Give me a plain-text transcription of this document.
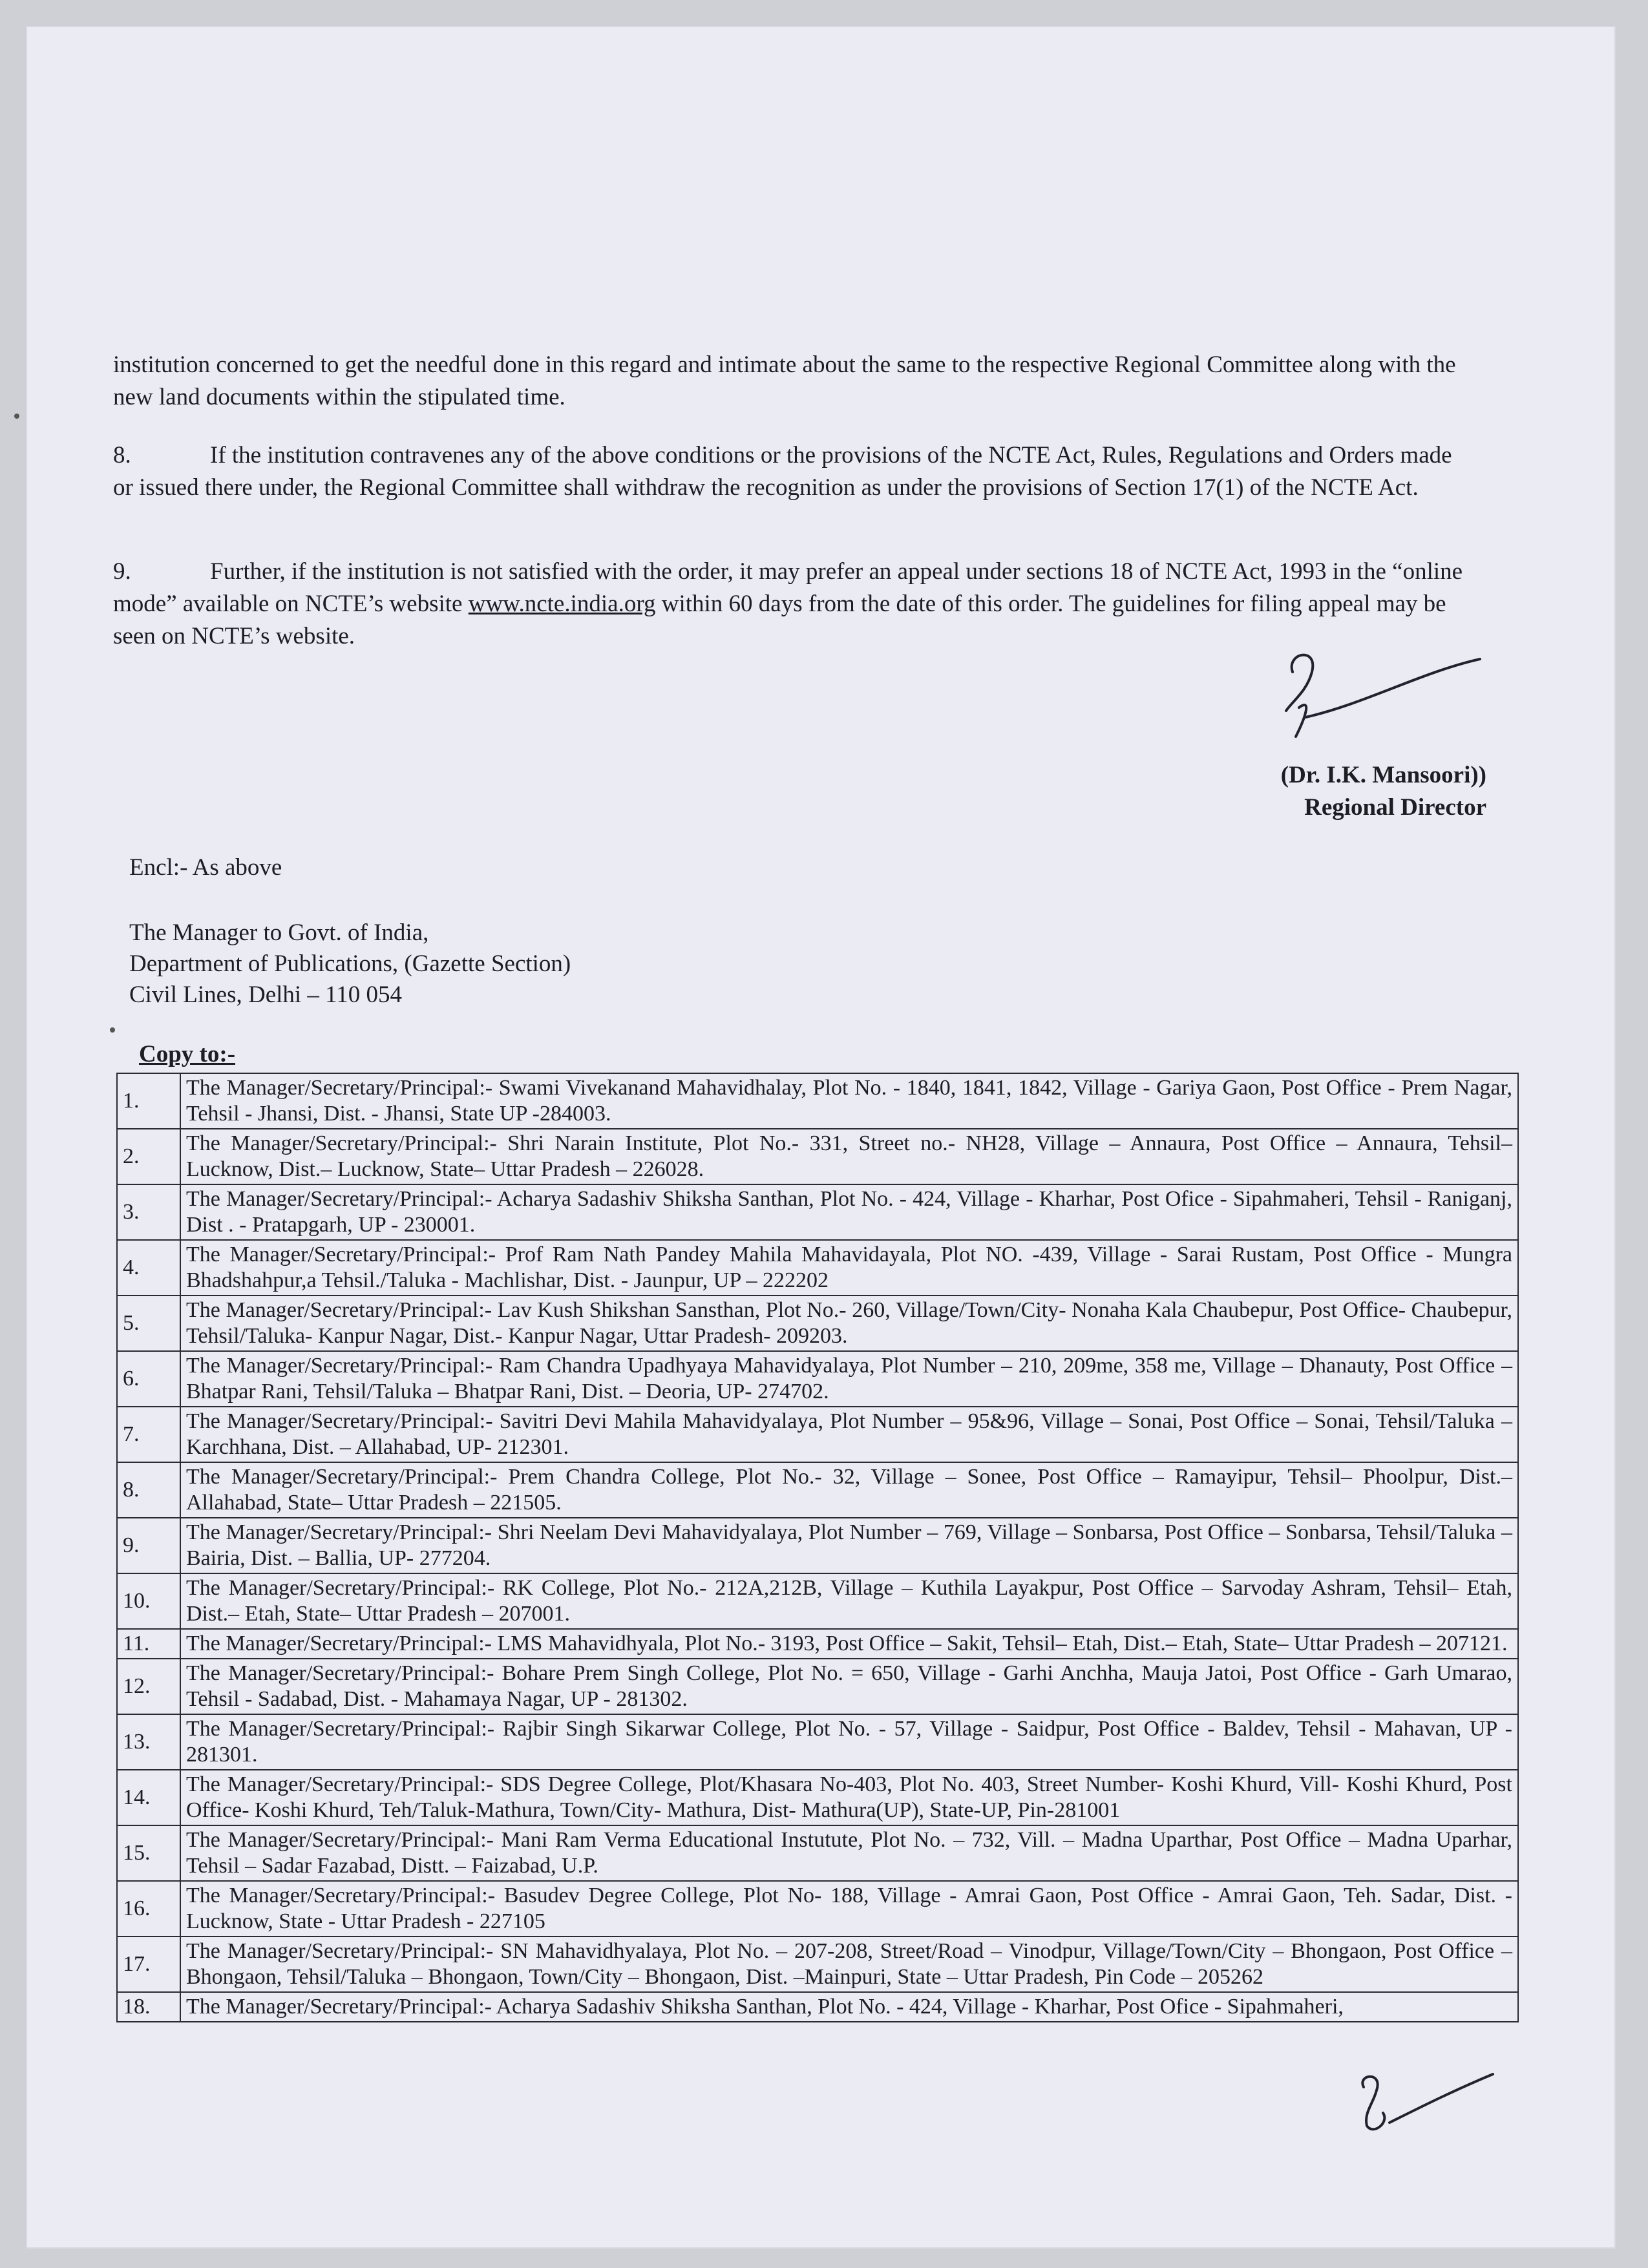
institution concerned to get the needful done in this regard and intimate about the same to the respective Regional Committee along with the new land documents within the stipulated time.
8.	If the institution contravenes any of the above conditions or the provisions of the NCTE Act, Rules, Regulations and Orders made or issued there under, the Regional Committee shall withdraw the recognition as under the provisions of Section 17(1) of the NCTE Act.
9.	Further, if the institution is not satisfied with the order, it may prefer an appeal under sections 18 of NCTE Act, 1993 in the “online mode” available on NCTE’s website www.ncte.india.org within 60 days from the date of this order. The guidelines for filing appeal may be seen on NCTE’s website.
(Dr. I.K. Mansoori))
Regional Director
Encl:- As above
The Manager to Govt. of India,
Department of Publications, (Gazette Section)
Civil Lines, Delhi – 110 054
Copy to:-
1.	The Manager/Secretary/Principal:- Swami Vivekanand Mahavidhalay, Plot No. - 1840, 1841, 1842, Village - Gariya Gaon, Post Office - Prem Nagar, Tehsil - Jhansi, Dist. - Jhansi, State UP -284003.
2.	The Manager/Secretary/Principal:- Shri Narain Institute, Plot No.- 331, Street no.- NH28, Village – Annaura, Post Office – Annaura, Tehsil– Lucknow, Dist.– Lucknow, State– Uttar Pradesh – 226028.
3.	The Manager/Secretary/Principal:- Acharya Sadashiv Shiksha Santhan, Plot No. - 424, Village - Kharhar, Post Ofice - Sipahmaheri, Tehsil - Raniganj, Dist . - Pratapgarh, UP - 230001.
4.	The Manager/Secretary/Principal:- Prof Ram Nath Pandey Mahila Mahavidayala, Plot NO. -439, Village - Sarai Rustam, Post Office - Mungra Bhadshahpur,a Tehsil./Taluka - Machlishar, Dist. - Jaunpur, UP – 222202
5.	The Manager/Secretary/Principal:- Lav Kush Shikshan Sansthan, Plot No.- 260, Village/Town/City- Nonaha Kala Chaubepur, Post Office- Chaubepur, Tehsil/Taluka- Kanpur Nagar, Dist.- Kanpur Nagar, Uttar Pradesh- 209203.
6.	The Manager/Secretary/Principal:- Ram Chandra Upadhyaya Mahavidyalaya, Plot Number – 210, 209me, 358 me, Village – Dhanauty, Post Office – Bhatpar Rani, Tehsil/Taluka – Bhatpar Rani, Dist. – Deoria, UP- 274702.
7.	The Manager/Secretary/Principal:- Savitri Devi Mahila Mahavidyalaya, Plot Number – 95&96, Village – Sonai, Post Office – Sonai, Tehsil/Taluka – Karchhana, Dist. – Allahabad, UP- 212301.
8.	The Manager/Secretary/Principal:- Prem Chandra College, Plot No.- 32, Village – Sonee, Post Office – Ramayipur, Tehsil– Phoolpur, Dist.– Allahabad, State– Uttar Pradesh – 221505.
9.	The Manager/Secretary/Principal:- Shri Neelam Devi Mahavidyalaya, Plot Number – 769, Village – Sonbarsa, Post Office – Sonbarsa, Tehsil/Taluka – Bairia, Dist. – Ballia, UP- 277204.
10.	The Manager/Secretary/Principal:- RK College, Plot No.- 212A,212B, Village – Kuthila Layakpur, Post Office – Sarvoday Ashram, Tehsil– Etah, Dist.– Etah, State– Uttar Pradesh – 207001.
11.	The Manager/Secretary/Principal:- LMS Mahavidhyala, Plot No.- 3193, Post Office – Sakit, Tehsil– Etah, Dist.– Etah, State– Uttar Pradesh – 207121.
12.	The Manager/Secretary/Principal:- Bohare Prem Singh College, Plot No. = 650, Village - Garhi Anchha, Mauja Jatoi, Post Office - Garh Umarao, Tehsil - Sadabad, Dist. - Mahamaya Nagar, UP - 281302.
13.	The Manager/Secretary/Principal:- Rajbir Singh Sikarwar College, Plot No. - 57, Village - Saidpur, Post Office - Baldev, Tehsil - Mahavan, UP - 281301.
14.	The Manager/Secretary/Principal:- SDS Degree College, Plot/Khasara No-403, Plot No. 403, Street Number- Koshi Khurd, Vill- Koshi Khurd, Post Office- Koshi Khurd, Teh/Taluk-Mathura, Town/City- Mathura, Dist- Mathura(UP), State-UP, Pin-281001
15.	The Manager/Secretary/Principal:- Mani Ram Verma Educational Instutute, Plot No. – 732, Vill. – Madna Uparthar, Post Office – Madna Uparhar, Tehsil – Sadar Fazabad, Distt. – Faizabad, U.P.
16.	The Manager/Secretary/Principal:- Basudev Degree College, Plot No- 188, Village - Amrai Gaon, Post Office - Amrai Gaon, Teh. Sadar, Dist. - Lucknow, State - Uttar Pradesh - 227105
17.	The Manager/Secretary/Principal:- SN Mahavidhyalaya, Plot No. – 207-208, Street/Road – Vinodpur, Village/Town/City – Bhongaon, Post Office – Bhongaon, Tehsil/Taluka – Bhongaon, Town/City – Bhongaon, Dist. –Mainpuri, State – Uttar Pradesh, Pin Code – 205262
18.	The Manager/Secretary/Principal:- Acharya Sadashiv Shiksha Santhan, Plot No. - 424, Village - Kharhar, Post Ofice - Sipahmaheri,
